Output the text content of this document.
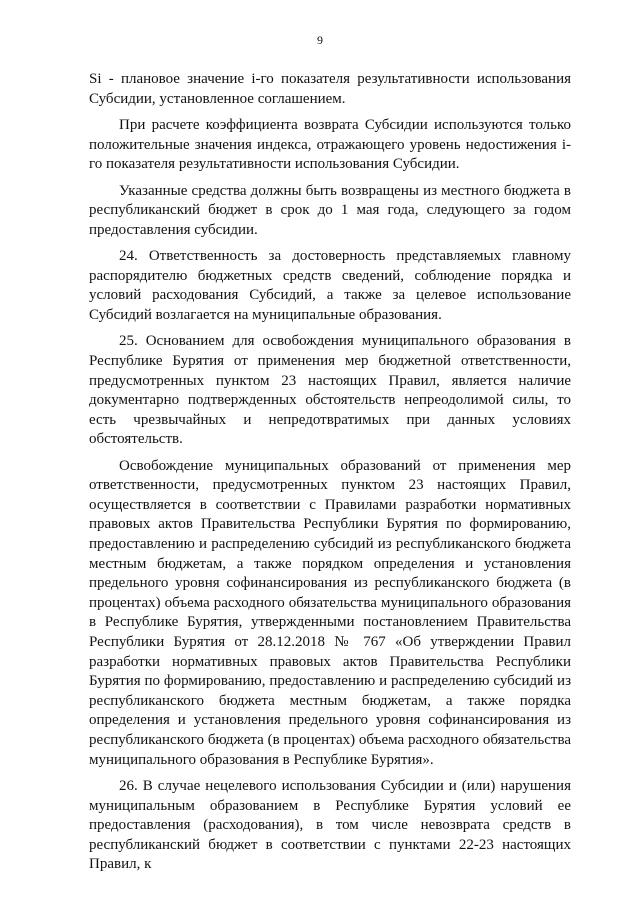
9

Si - плановое значение i-го показателя результативности использования Субсидии, установленное соглашением.

При расчете коэффициента возврата Субсидии используются только положительные значения индекса, отражающего уровень недостижения i-го показателя результативности использования Субсидии.

Указанные средства должны быть возвращены из местного бюджета в республиканский бюджет в срок до 1 мая года, следующего за годом предоставления субсидии.

24. Ответственность за достоверность представляемых главному распорядителю бюджетных средств сведений, соблюдение порядка и условий расходования Субсидий, а также за целевое использование Субсидий возлагается на муниципальные образования.

25. Основанием для освобождения муниципального образования в Республике Бурятия от применения мер бюджетной ответственности, предусмотренных пунктом 23 настоящих Правил, является наличие документарно подтвержденных обстоятельств непреодолимой силы, то есть чрезвычайных и непредотвратимых при данных условиях обстоятельств.

Освобождение муниципальных образований от применения мер ответственности, предусмотренных пунктом 23 настоящих Правил, осуществляется в соответствии с Правилами разработки нормативных правовых актов Правительства Республики Бурятия по формированию, предоставлению и распределению субсидий из республиканского бюджета местным бюджетам, а также порядком определения и установления предельного уровня софинансирования из республиканского бюджета (в процентах) объема расходного обязательства муниципального образования в Республике Бурятия, утвержденными постановлением Правительства Республики Бурятия от 28.12.2018 № 767 «Об утверждении Правил разработки нормативных правовых актов Правительства Республики Бурятия по формированию, предоставлению и распределению субсидий из республиканского бюджета местным бюджетам, а также порядка определения и установления предельного уровня софинансирования из республиканского бюджета (в процентах) объема расходного обязательства муниципального образования в Республике Бурятия».

26. В случае нецелевого использования Субсидии и (или) нарушения муниципальным образованием в Республике Бурятия условий ее предоставления (расходования), в том числе невозврата средств в республиканский бюджет в соответствии с пунктами 22-23 настоящих Правил, к
